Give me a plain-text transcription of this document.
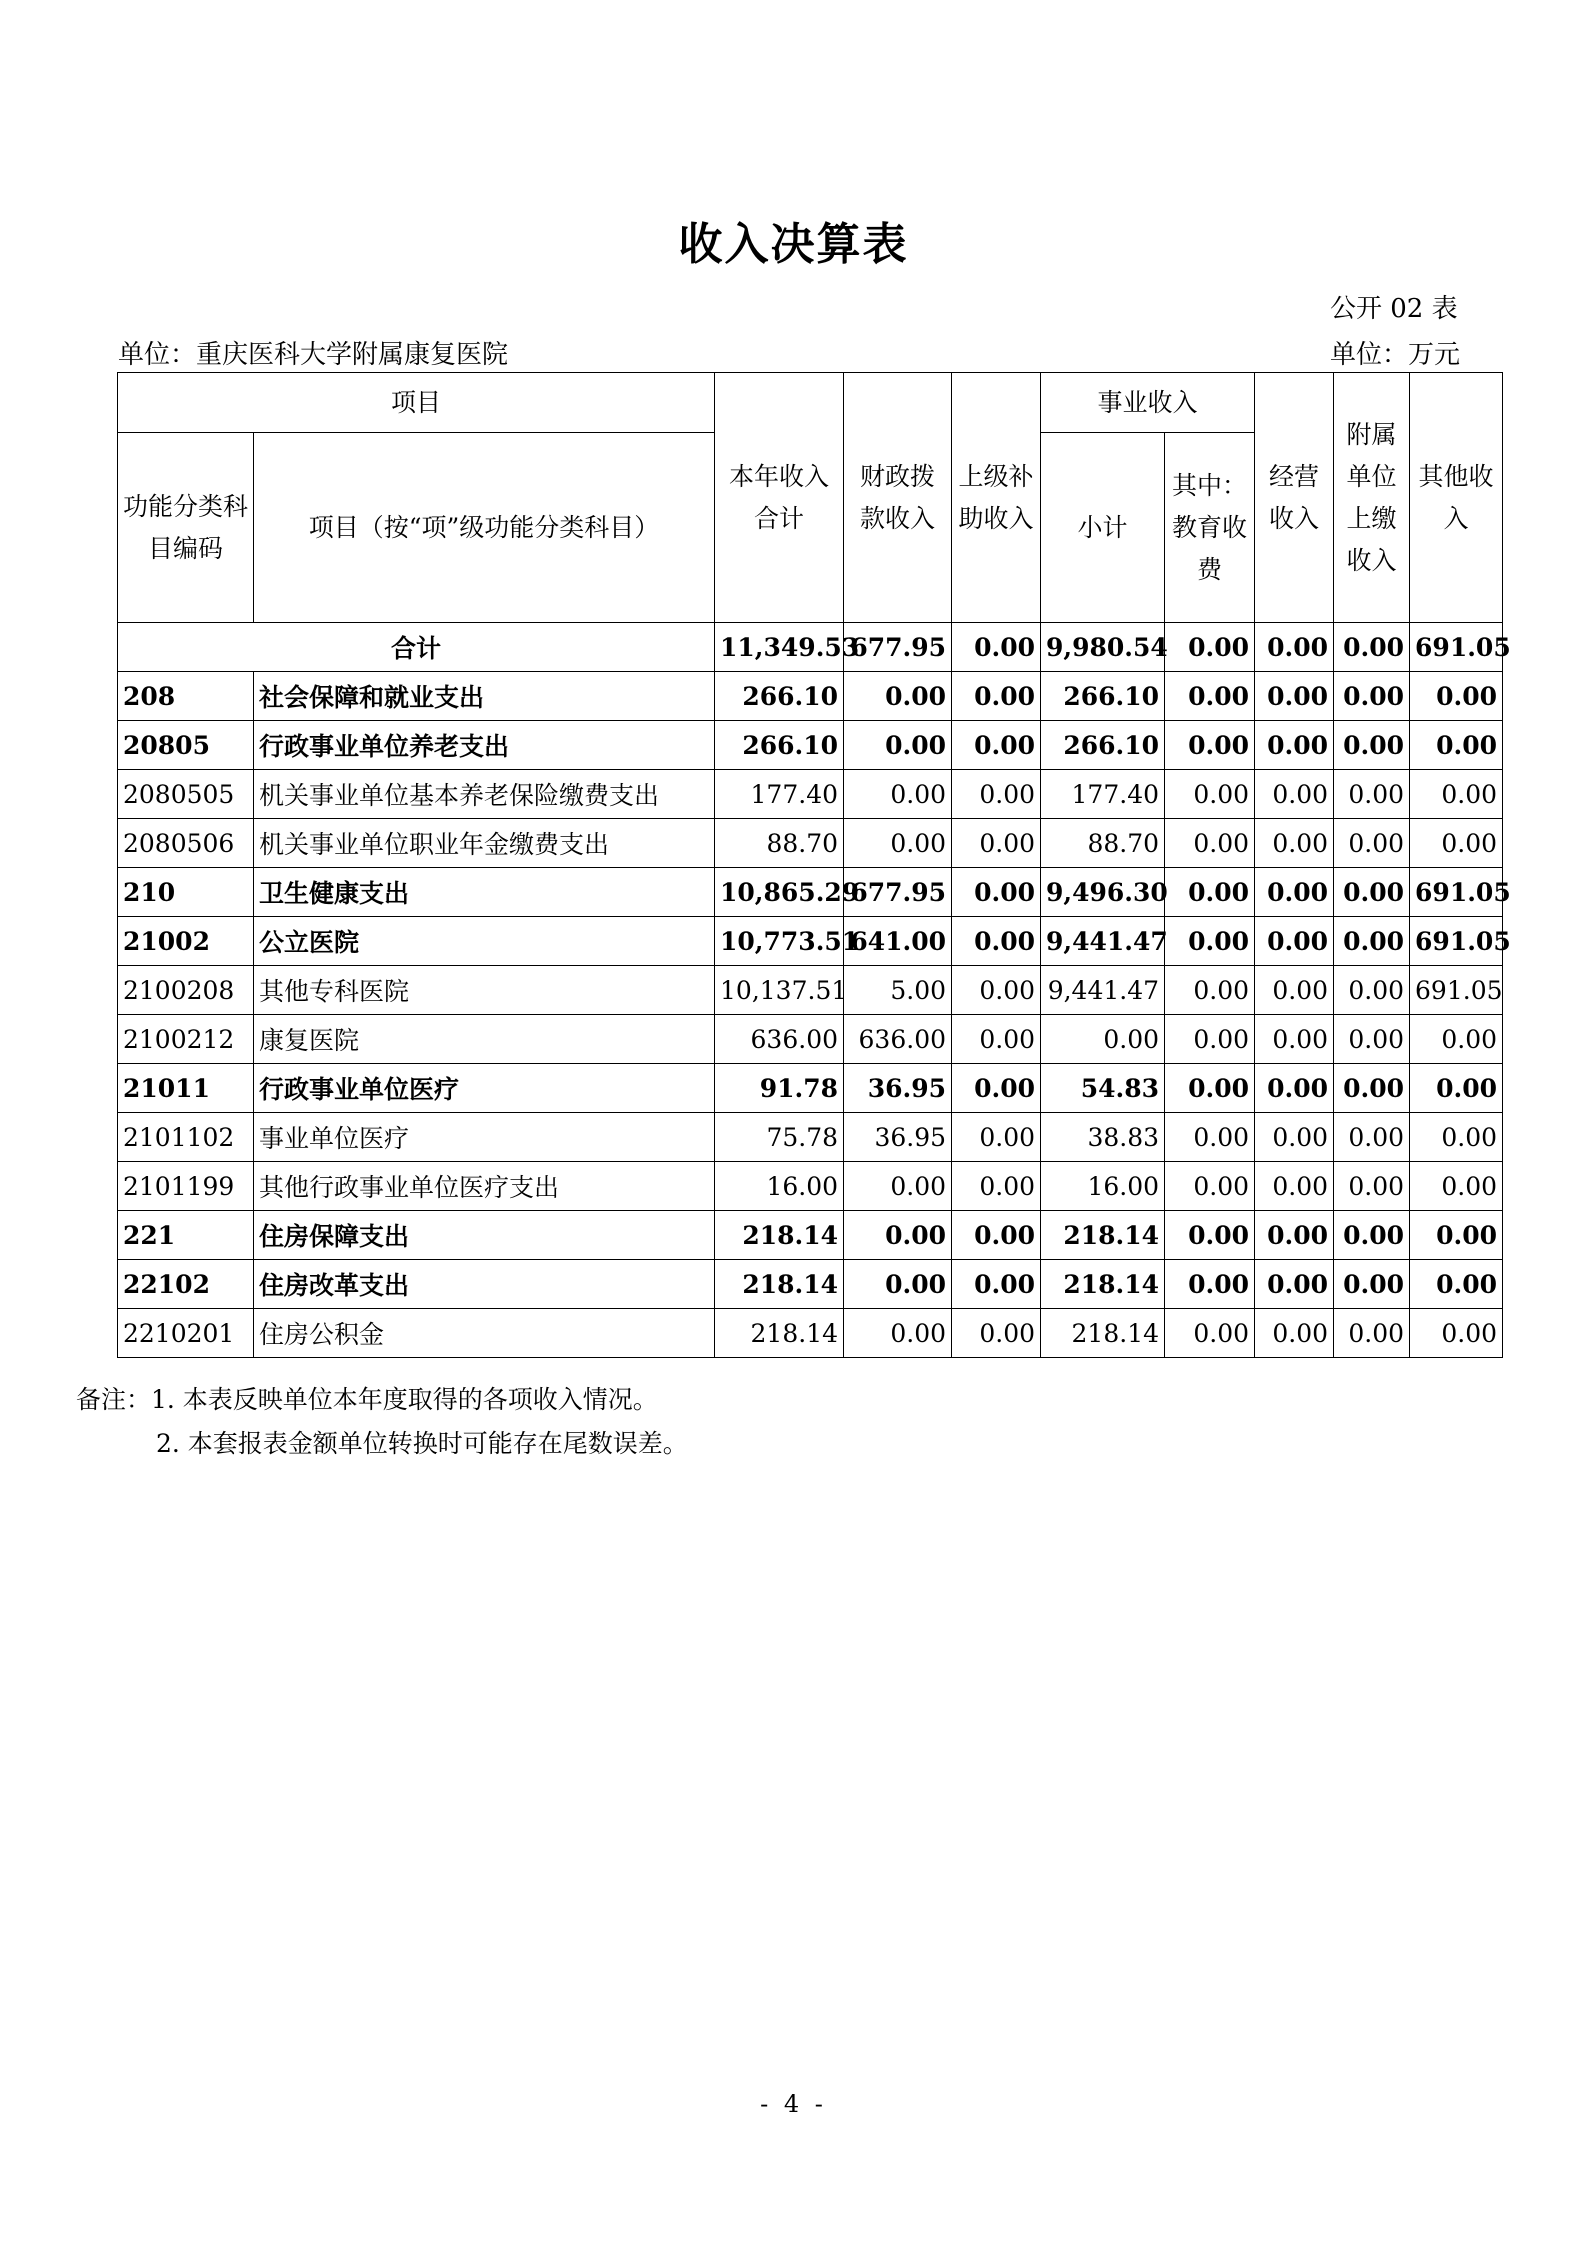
收入决算表
公开 02 表
单位：重庆医科大学附属康复医院	单位：万元
项目		本年收入合计	财政拨款收入	上级补助收入	事业收入		经营收入	附属单位上缴收入	其他收入
功能分类科目编码	项目（按“项”级功能分类科目）				小计	其中：教育收费			
合计		11,349.53	677.95	0.00	9,980.54	0.00	0.00	0.00	691.05
208	社会保障和就业支出	266.10	0.00	0.00	266.10	0.00	0.00	0.00	0.00
20805	行政事业单位养老支出	266.10	0.00	0.00	266.10	0.00	0.00	0.00	0.00
2080505	机关事业单位基本养老保险缴费支出	177.40	0.00	0.00	177.40	0.00	0.00	0.00	0.00
2080506	机关事业单位职业年金缴费支出	88.70	0.00	0.00	88.70	0.00	0.00	0.00	0.00
210	卫生健康支出	10,865.29	677.95	0.00	9,496.30	0.00	0.00	0.00	691.05
21002	公立医院	10,773.51	641.00	0.00	9,441.47	0.00	0.00	0.00	691.05
2100208	其他专科医院	10,137.51	5.00	0.00	9,441.47	0.00	0.00	0.00	691.05
2100212	康复医院	636.00	636.00	0.00	0.00	0.00	0.00	0.00	0.00
21011	行政事业单位医疗	91.78	36.95	0.00	54.83	0.00	0.00	0.00	0.00
2101102	事业单位医疗	75.78	36.95	0.00	38.83	0.00	0.00	0.00	0.00
2101199	其他行政事业单位医疗支出	16.00	0.00	0.00	16.00	0.00	0.00	0.00	0.00
221	住房保障支出	218.14	0.00	0.00	218.14	0.00	0.00	0.00	0.00
22102	住房改革支出	218.14	0.00	0.00	218.14	0.00	0.00	0.00	0.00
2210201	住房公积金	218.14	0.00	0.00	218.14	0.00	0.00	0.00	0.00
备注：1. 本表反映单位本年度取得的各项收入情况。
2. 本套报表金额单位转换时可能存在尾数误差。
- 4 -
